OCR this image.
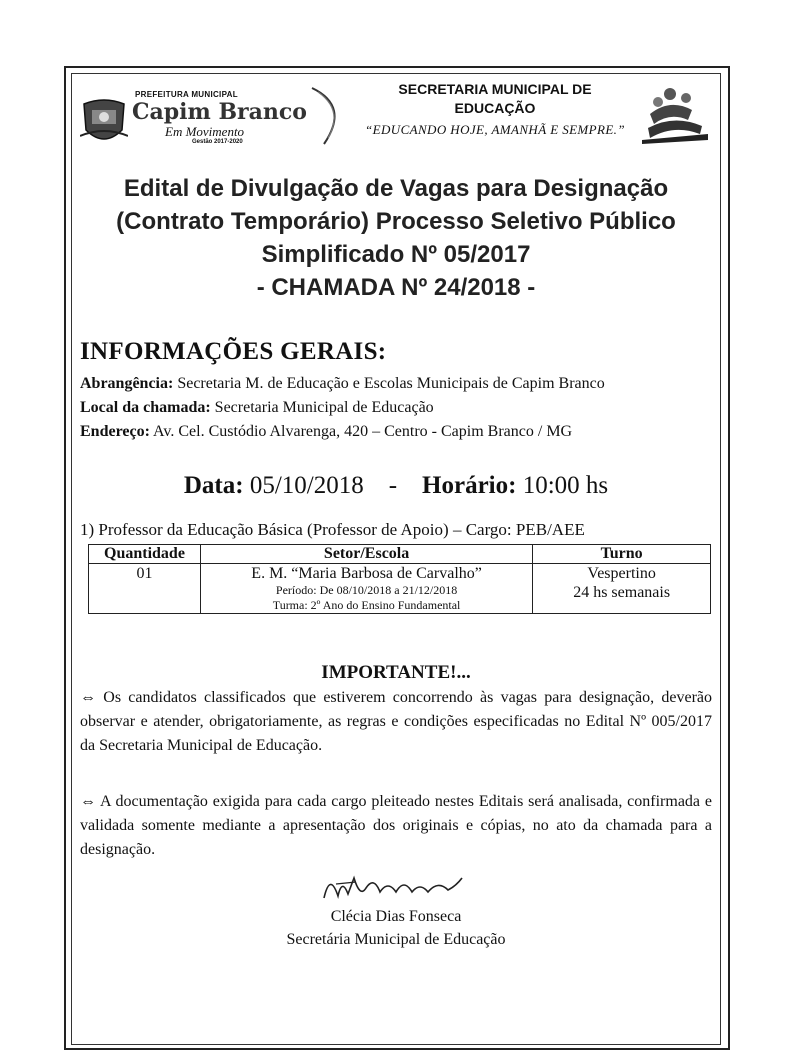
PREFEITURA MUNICIPAL
Capim Branco
Em Movimento
Gestão 2017-2020
SECRETARIA MUNICIPAL DE
EDUCAÇÃO
“EDUCANDO HOJE, AMANHÃ E SEMPRE.”
Edital de Divulgação de Vagas para Designação
(Contrato Temporário) Processo Seletivo Público
Simplificado Nº 05/2017
- CHAMADA Nº 24/2018 -
INFORMAÇÕES GERAIS:
Abrangência: Secretaria M. de Educação e Escolas Municipais de Capim Branco
Local da chamada: Secretaria Municipal de Educação
Endereço: Av. Cel. Custódio Alvarenga, 420 – Centro - Capim Branco / MG
Data: 05/10/2018 - Horário: 10:00 hs
1) Professor da Educação Básica (Professor de Apoio) – Cargo: PEB/AEE
Quantidade	Setor/Escola	Turno
01	E. M. “Maria Barbosa de Carvalho”
Período: De 08/10/2018 a 21/12/2018
Turma: 2º Ano do Ensino Fundamental	Vespertino
24 hs semanais
IMPORTANTE!...
⇔ Os candidatos classificados que estiverem concorrendo às vagas para designação, deverão observar e atender, obrigatoriamente, as regras e condições especificadas no Edital Nº 005/2017 da Secretaria Municipal de Educação.
⇔ A documentação exigida para cada cargo pleiteado nestes Editais será analisada, confirmada e validada somente mediante a apresentação dos originais e cópias, no ato da chamada para a designação.
Clécia Dias Fonseca
Secretária Municipal de Educação
